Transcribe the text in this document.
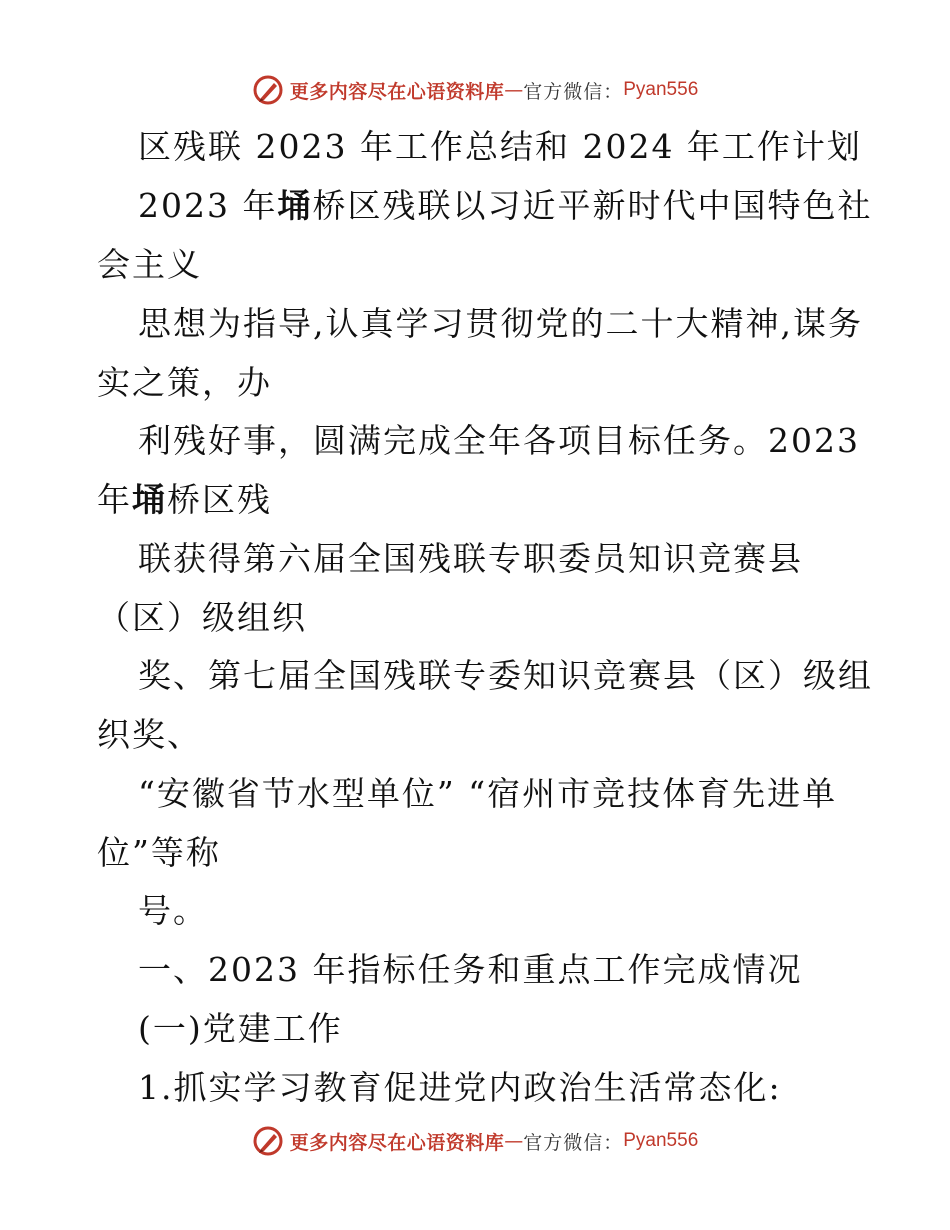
更多内容尽在心语资料库 — 官方微信： Pyan556
区残联 2023 年工作总结和 2024 年工作计划
2023 年埇桥区残联以习近平新时代中国特色社
会主义
思想为指导,认真学习贯彻党的二十大精神,谋务
实之策，办
利残好事，圆满完成全年各项目标任务。2023
年埇桥区残
联获得第六届全国残联专职委员知识竞赛县
（区）级组织
奖、第七届全国残联专委知识竞赛县（区）级组
织奖、
“安徽省节水型单位” “宿州市竞技体育先进单
位”等称
号。
一、2023 年指标任务和重点工作完成情况
(一)党建工作
1.抓实学习教育促进党内政治生活常态化:
更多内容尽在心语资料库 — 官方微信： Pyan556
